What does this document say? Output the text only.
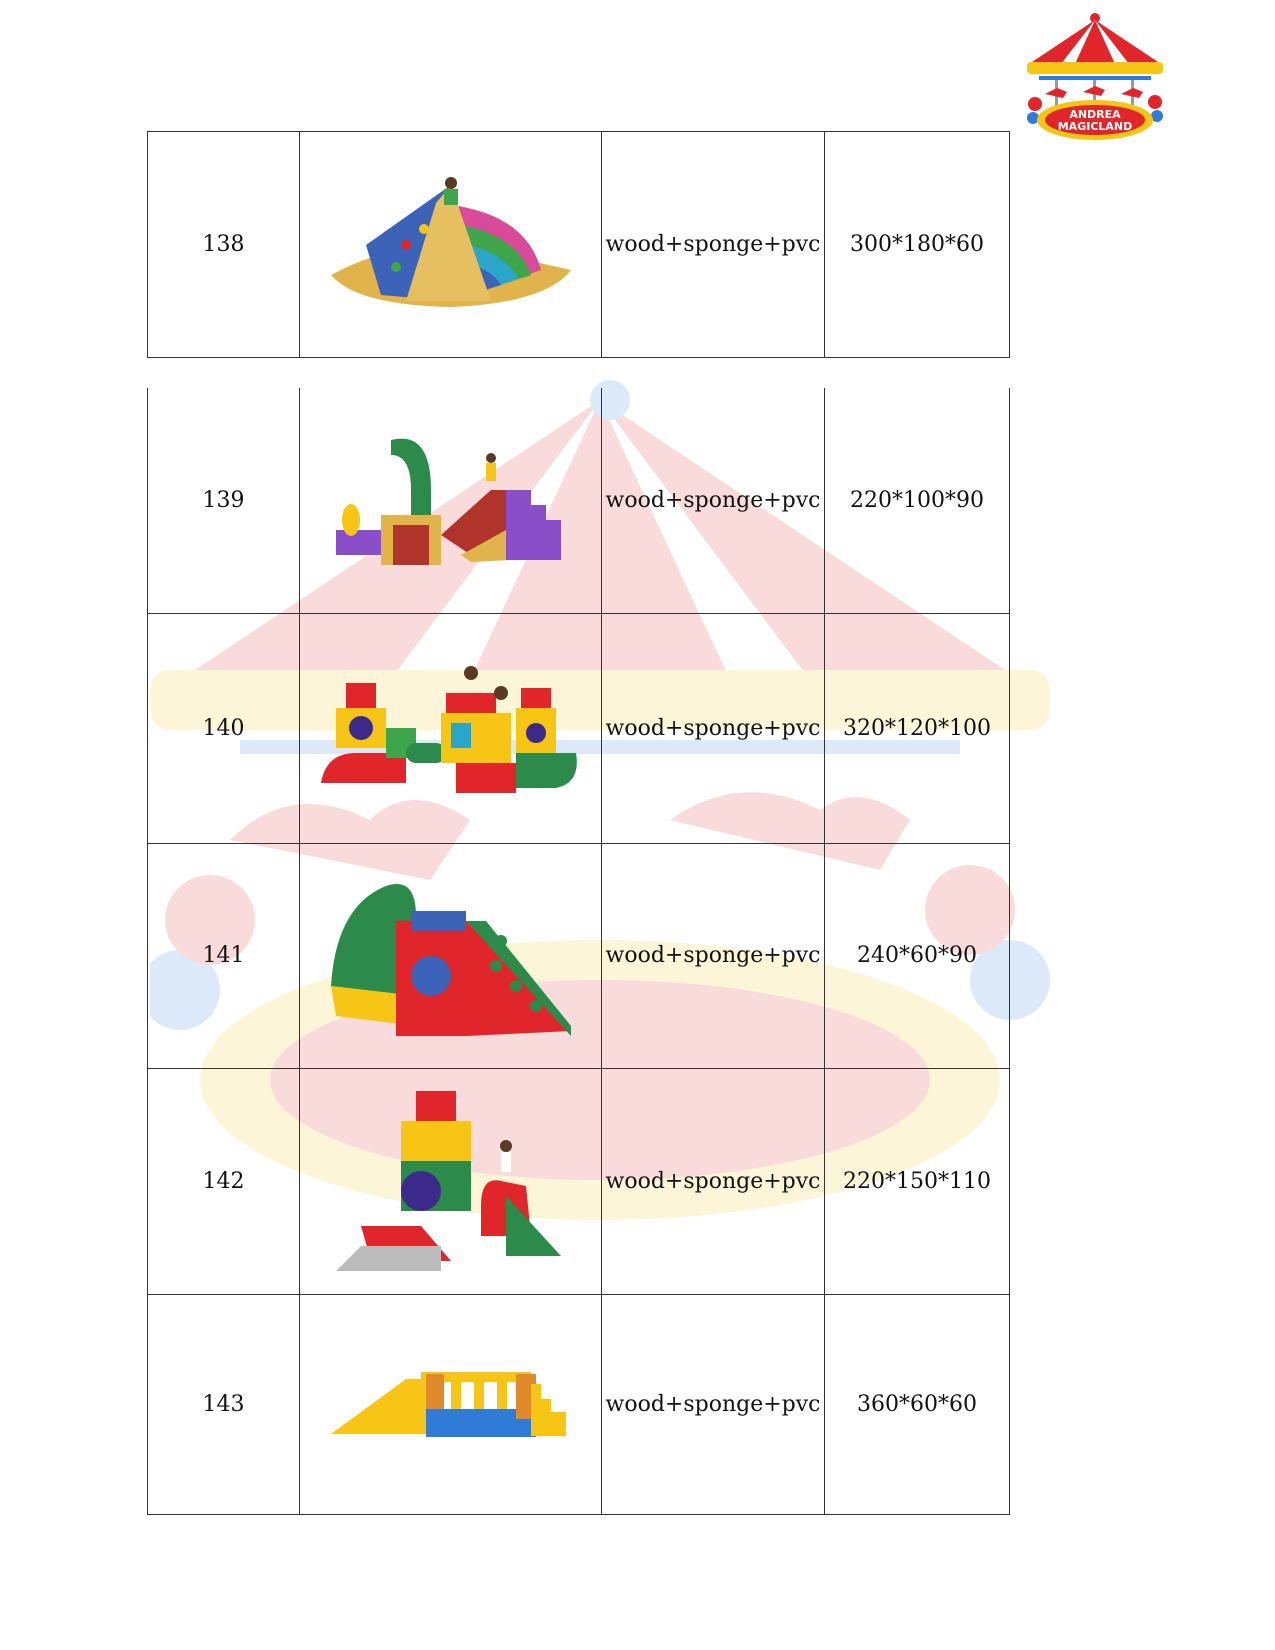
ANDREA
MAGICLAND
138		wood+sponge+pvc	300*180*60
139		wood+sponge+pvc	220*100*90
140		wood+sponge+pvc	320*120*100
141		wood+sponge+pvc	240*60*90
142		wood+sponge+pvc	220*150*110
143		wood+sponge+pvc	360*60*60
